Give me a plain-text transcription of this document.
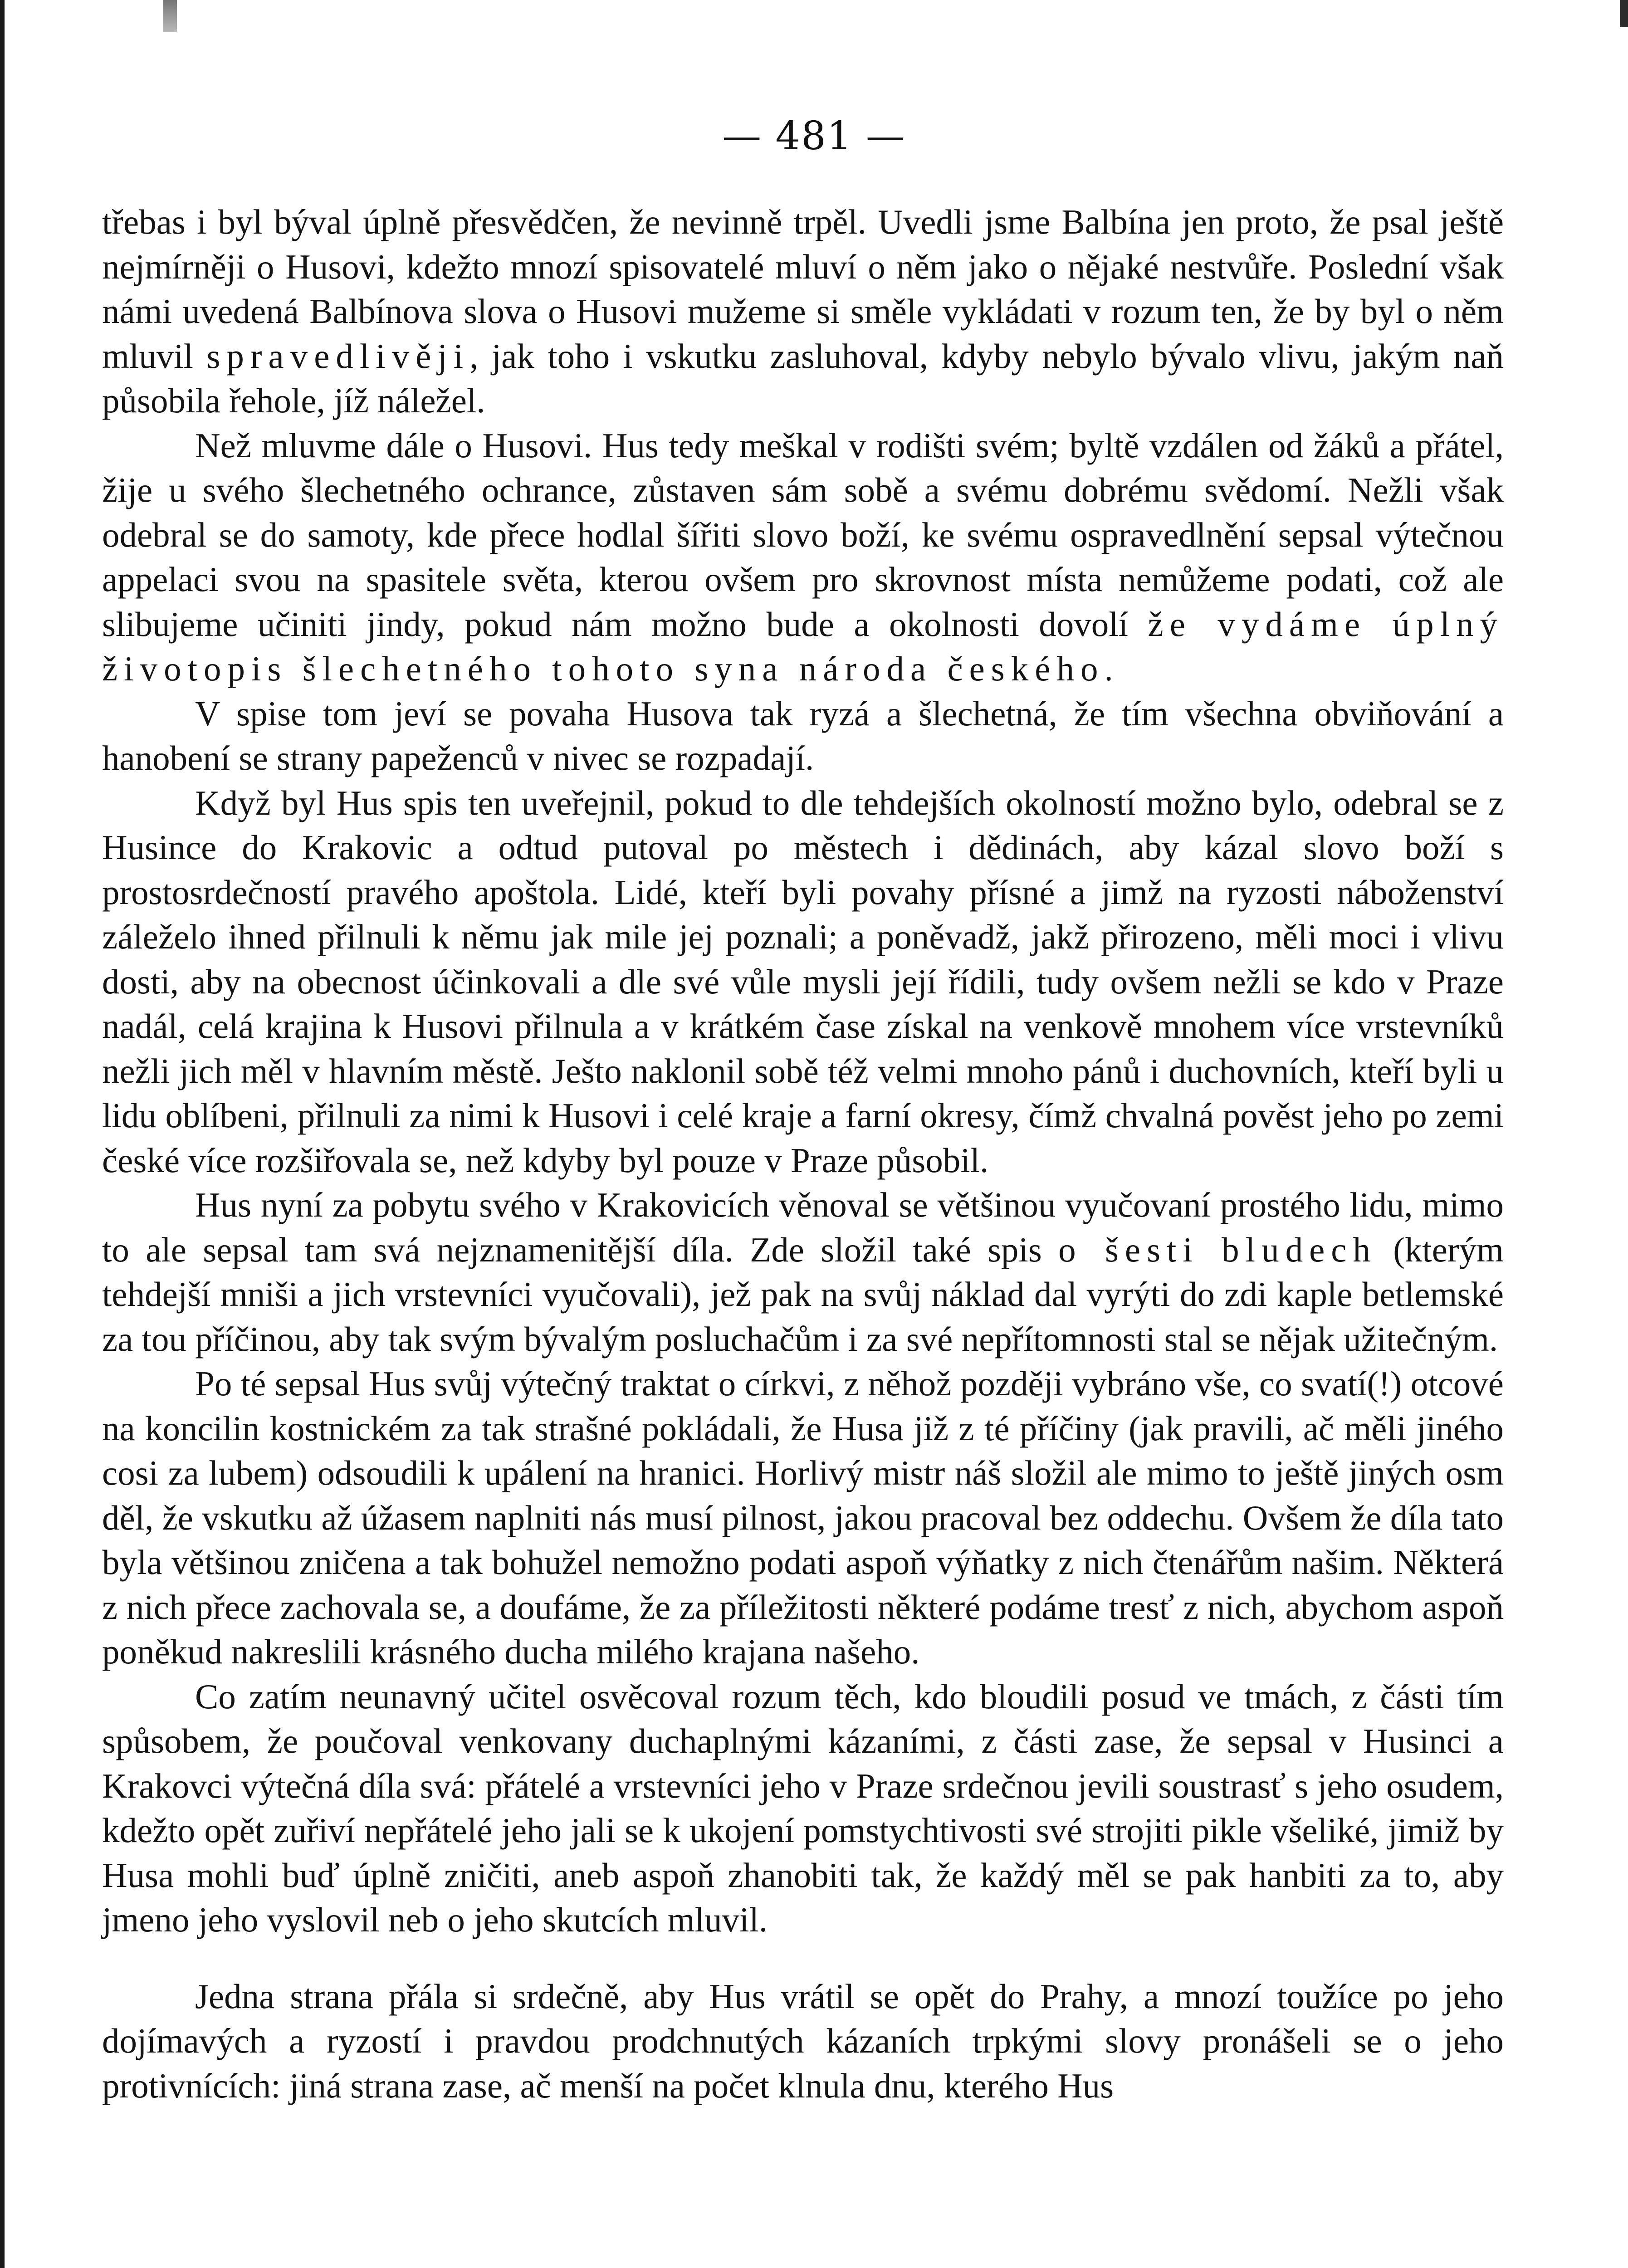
— 481 —

třebas i byl býval úplně přesvědčen, že nevinně trpěl. Uvedli jsme Balbína jen proto, že psal ještě nejmírněji o Husovi, kdežto mnozí spisovatelé mluví o něm jako o nějaké nestvůře. Poslední však námi uvedená Balbínova slova o Husovi mužeme si směle vykládati v rozum ten, že by byl o něm mluvil spravedlivěji, jak toho i vskutku zasluhoval, kdyby nebylo bývalo vlivu, jakým naň působila řehole, jíž náležel.

Než mluvme dále o Husovi. Hus tedy meškal v rodišti svém; byltě vzdálen od žáků a přátel, žije u svého šlechetného ochrance, zůstaven sám sobě a svému dobrému svědomí. Nežli však odebral se do samoty, kde přece hodlal šířiti slovo boží, ke svému ospravedlnění sepsal výtečnou appelaci svou na spasitele světa, kterou ovšem pro skrovnost místa nemůžeme podati, což ale slibujeme učiniti jindy, pokud nám možno bude a okolnosti dovolí že vydáme úplný životopis šlechetného tohoto syna národa českého.

V spise tom jeví se povaha Husova tak ryzá a šlechetná, že tím všechna obviňování a hanobení se strany papeženců v nivec se rozpadají.

Když byl Hus spis ten uveřejnil, pokud to dle tehdejších okolností možno bylo, odebral se z Husince do Krakovic a odtud putoval po městech i dědinách, aby kázal slovo boží s prostosrdečností pravého apoštola. Lidé, kteří byli povahy přísné a jimž na ryzosti náboženství záleželo ihned přilnuli k němu jak mile jej poznali; a poněvadž, jakž přirozeno, měli moci i vlivu dosti, aby na obecnost účinkovali a dle své vůle mysli její řídili, tudy ovšem nežli se kdo v Praze nadál, celá krajina k Husovi přilnula a v krátkém čase získal na venkově mnohem více vrstevníků nežli jich měl v hlavním městě. Ješto naklonil sobě též velmi mnoho pánů i duchovních, kteří byli u lidu oblíbeni, přilnuli za nimi k Husovi i celé kraje a farní okresy, čímž chvalná pověst jeho po zemi české více rozšiřovala se, než kdyby byl pouze v Praze působil.

Hus nyní za pobytu svého v Krakovicích věnoval se většinou vyučovaní prostého lidu, mimo to ale sepsal tam svá nejznamenitější díla. Zde složil také spis o šesti bludech (kterým tehdejší mniši a jich vrstevníci vyučovali), jež pak na svůj náklad dal vyrýti do zdi kaple betlemské za tou příčinou, aby tak svým bývalým posluchačům i za své nepřítomnosti stal se nějak užitečným.

Po té sepsal Hus svůj výtečný traktat o církvi, z něhož později vybráno vše, co svatí(!) otcové na koncilin kostnickém za tak strašné pokládali, že Husa již z té příčiny (jak pravili, ač měli jiného cosi za lubem) odsoudili k upálení na hranici. Horlivý mistr náš složil ale mimo to ještě jiných osm děl, že vskutku až úžasem naplniti nás musí pilnost, jakou pracoval bez oddechu. Ovšem že díla tato byla většinou zničena a tak bohužel nemožno podati aspoň výňatky z nich čtenářům našim. Některá z nich přece zachovala se, a doufáme, že za příležitosti některé podáme tresť z nich, abychom aspoň poněkud nakreslili krásného ducha milého krajana našeho.

Co zatím neunavný učitel osvěcoval rozum těch, kdo bloudili posud ve tmách, z části tím spůsobem, že poučoval venkovany duchaplnými kázaními, z části zase, že sepsal v Husinci a Krakovci výtečná díla svá: přátelé a vrstevníci jeho v Praze srdečnou jevili soustrasť s jeho osudem, kdežto opět zuřiví nepřátelé jeho jali se k ukojení pomstychtivosti své strojiti pikle všeliké, jimiž by Husa mohli buď úplně zničiti, aneb aspoň zhanobiti tak, že každý měl se pak hanbiti za to, aby jmeno jeho vyslovil neb o jeho skutcích mluvil.

Jedna strana přála si srdečně, aby Hus vrátil se opět do Prahy, a mnozí toužíce po jeho dojímavých a ryzostí i pravdou prodchnutých kázaních trpkými slovy pronášeli se o jeho protivnících: jiná strana zase, ač menší na počet klnula dnu, kterého Hus
